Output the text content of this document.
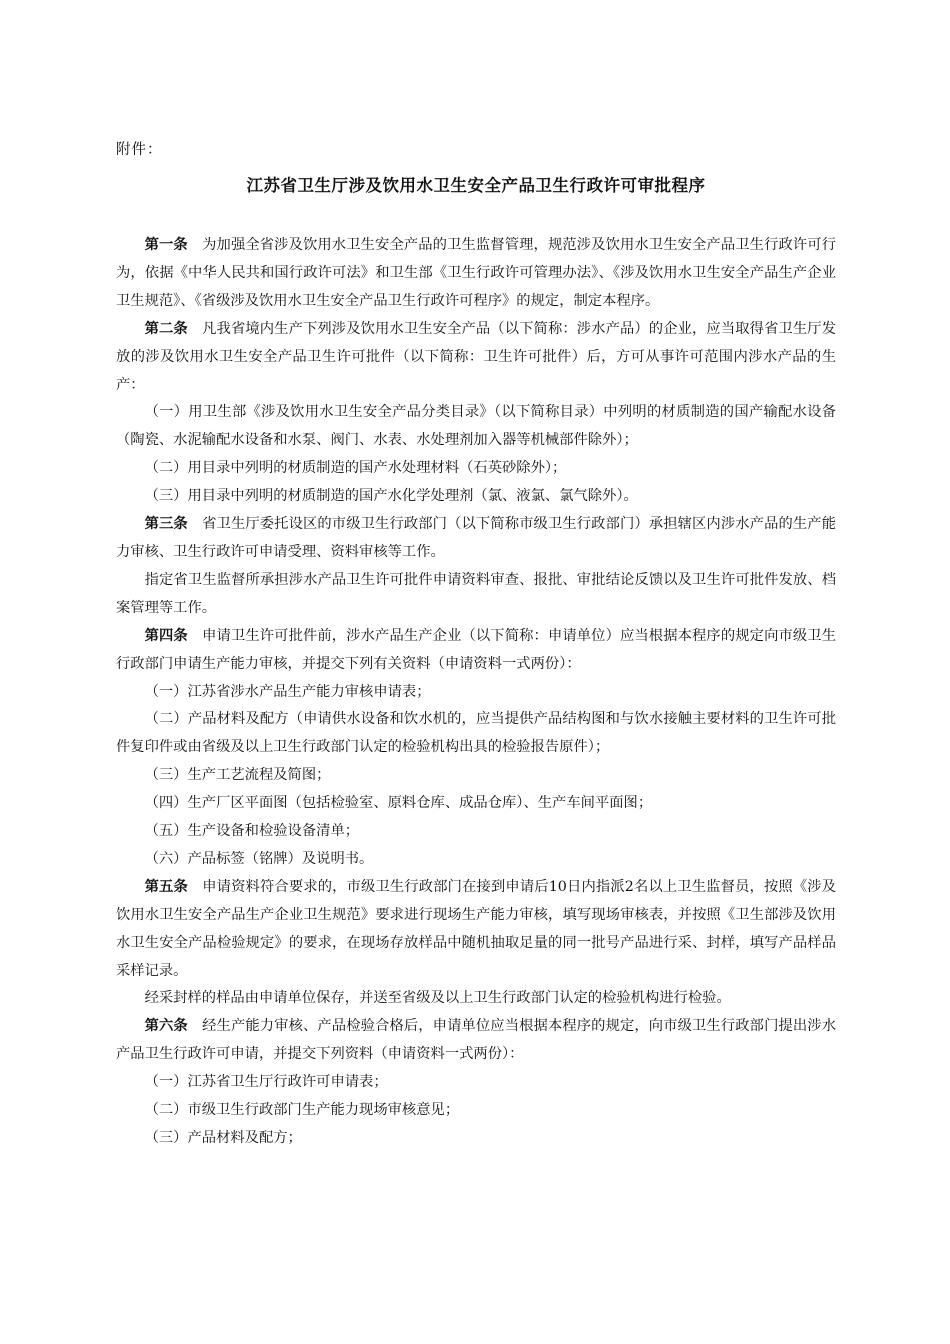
附件：
江苏省卫生厅涉及饮用水卫生安全产品卫生行政许可审批程序

第一条 为加强全省涉及饮用水卫生安全产品的卫生监督管理，规范涉及饮用水卫生安全产品卫生行政许可行为，依据《中华人民共和国行政许可法》和卫生部《卫生行政许可管理办法》、《涉及饮用水卫生安全产品生产企业卫生规范》、《省级涉及饮用水卫生安全产品卫生行政许可程序》的规定，制定本程序。

第二条 凡我省境内生产下列涉及饮用水卫生安全产品（以下简称：涉水产品）的企业，应当取得省卫生厅发放的涉及饮用水卫生安全产品卫生许可批件（以下简称：卫生许可批件）后，方可从事许可范围内涉水产品的生产：

（一）用卫生部《涉及饮用水卫生安全产品分类目录》（以下简称目录）中列明的材质制造的国产输配水设备（陶瓷、水泥输配水设备和水泵、阀门、水表、水处理剂加入器等机械部件除外）；

（二）用目录中列明的材质制造的国产水处理材料（石英砂除外）；

（三）用目录中列明的材质制造的国产水化学处理剂（氯、液氯、氯气除外）。

第三条 省卫生厅委托设区的市级卫生行政部门（以下简称市级卫生行政部门）承担辖区内涉水产品的生产能力审核、卫生行政许可申请受理、资料审核等工作。

指定省卫生监督所承担涉水产品卫生许可批件申请资料审查、报批、审批结论反馈以及卫生许可批件发放、档案管理等工作。

第四条 申请卫生许可批件前，涉水产品生产企业（以下简称：申请单位）应当根据本程序的规定向市级卫生行政部门申请生产能力审核，并提交下列有关资料（申请资料一式两份）：

（一）江苏省涉水产品生产能力审核申请表；

（二）产品材料及配方（申请供水设备和饮水机的，应当提供产品结构图和与饮水接触主要材料的卫生许可批件复印件或由省级及以上卫生行政部门认定的检验机构出具的检验报告原件）；

（三）生产工艺流程及简图；

（四）生产厂区平面图（包括检验室、原料仓库、成品仓库）、生产车间平面图；

（五）生产设备和检验设备清单；

（六）产品标签（铭牌）及说明书。

第五条 申请资料符合要求的，市级卫生行政部门在接到申请后10日内指派2名以上卫生监督员，按照《涉及饮用水卫生安全产品生产企业卫生规范》要求进行现场生产能力审核，填写现场审核表，并按照《卫生部涉及饮用水卫生安全产品检验规定》的要求，在现场存放样品中随机抽取足量的同一批号产品进行采、封样，填写产品样品采样记录。

经采封样的样品由申请单位保存，并送至省级及以上卫生行政部门认定的检验机构进行检验。

第六条 经生产能力审核、产品检验合格后，申请单位应当根据本程序的规定，向市级卫生行政部门提出涉水产品卫生行政许可申请，并提交下列资料（申请资料一式两份）：

（一）江苏省卫生厅行政许可申请表；

（二）市级卫生行政部门生产能力现场审核意见；

（三）产品材料及配方；
